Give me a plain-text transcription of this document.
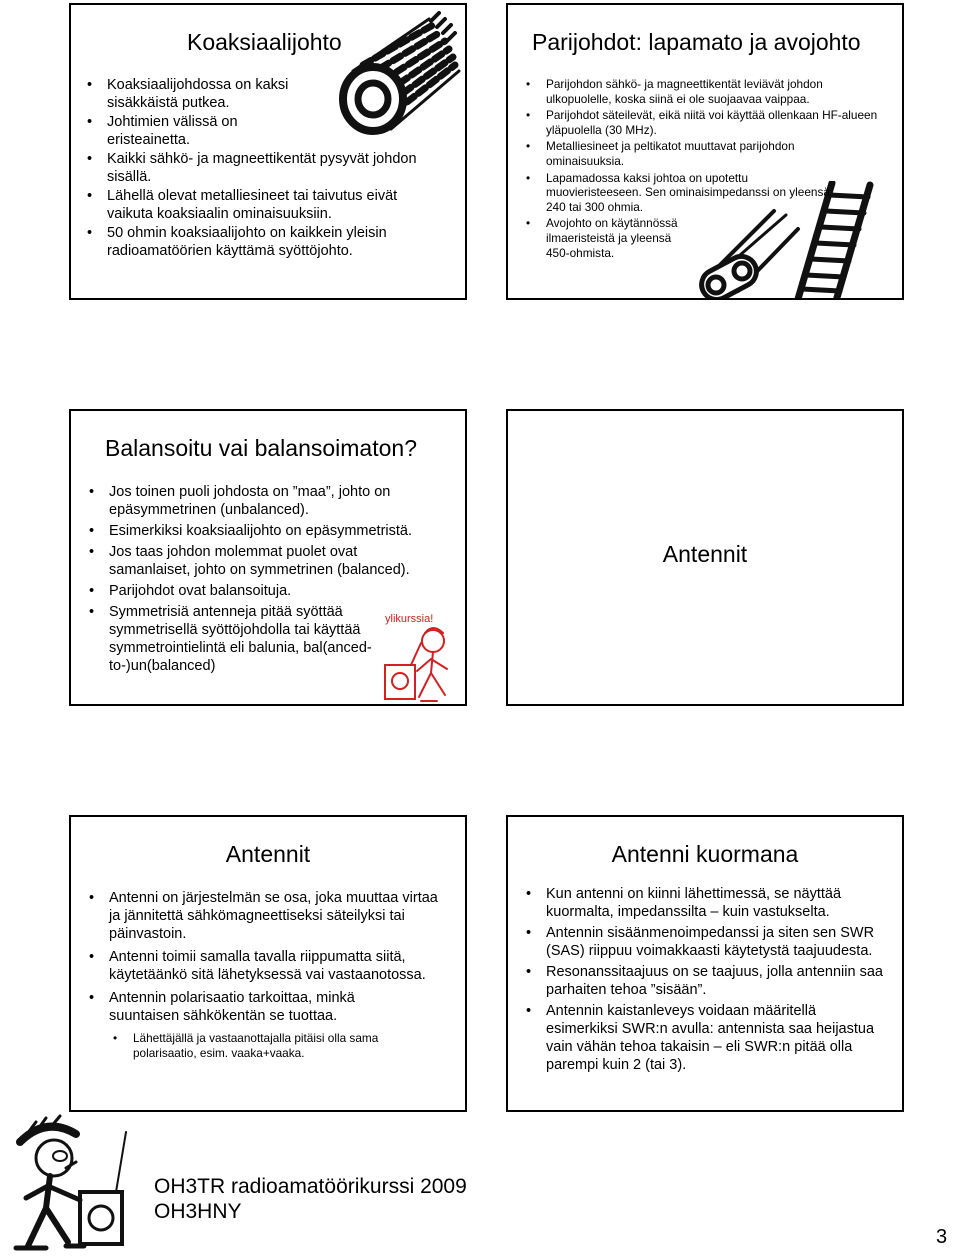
Koaksiaalijohto
• Koaksiaalijohdossa on kaksi sisäkkäistä putkea.
• Johtimien välissä on eristeainetta.
• Kaikki sähkö- ja magneettikentät pysyvät johdon sisällä.
• Lähellä olevat metalliesineet tai taivutus eivät vaikuta koaksiaalin ominaisuuksiin.
• 50 ohmin koaksiaalijohto on kaikkein yleisin radioamatöörien käyttämä syöttöjohto.
Parijohdot: lapamato ja avojohto
• Parijohdon sähkö- ja magneettikentät leviävät johdon ulkopuolelle, koska siinä ei ole suojaavaa vaippaa.
• Parijohdot säteilevät, eikä niitä voi käyttää ollenkaan HF-alueen yläpuolella (30 MHz).
• Metalliesineet ja peltikatot muuttavat parijohdon ominaisuuksia.
• Lapamadossa kaksi johtoa on upotettu muovieristeeseen. Sen ominaisimpedanssi on yleensä 240 tai 300 ohmia.
• Avojohto on käytännössä ilmaeristeistä ja yleensä 450-ohmista.
Balansoitu vai balansoimaton?
• Jos toinen puoli johdosta on ”maa”, johto on epäsymmetrinen (unbalanced).
• Esimerkiksi koaksiaalijohto on epäsymmetristä.
• Jos taas johdon molemmat puolet ovat samanlaiset, johto on symmetrinen (balanced).
• Parijohdot ovat balansoituja.
• Symmetrisiä antenneja pitää syöttää symmetrisellä syöttöjohdolla tai käyttää symmetrointielintä eli balunia, bal(anced-to-)un(balanced)
ylikurssia!
Antennit
Antennit
• Antenni on järjestelmän se osa, joka muuttaa virtaa ja jännitettä sähkömagneettiseksi säteilyksi tai päinvastoin.
• Antenni toimii samalla tavalla riippumatta siitä, käytetäänkö sitä lähetyksessä vai vastaanotossa.
• Antennin polarisaatio tarkoittaa, minkä suuntaisen sähkökentän se tuottaa.
• Lähettäjällä ja vastaanottajalla pitäisi olla sama polarisaatio, esim. vaaka+vaaka.
Antenni kuormana
• Kun antenni on kiinni lähettimessä, se näyttää kuormalta, impedanssilta – kuin vastukselta.
• Antennin sisäänmenoimpedanssi ja siten sen SWR (SAS) riippuu voimakkaasti käytetystä taajuudesta.
• Resonanssitaajuus on se taajuus, jolla antenniin saa parhaiten tehoa ”sisään”.
• Antennin kaistanleveys voidaan määritellä esimerkiksi SWR:n avulla: antennista saa heijastua vain vähän tehoa takaisin – eli SWR:n pitää olla parempi kuin 2 (tai 3).
OH3TR radioamatöörikurssi 2009
OH3HNY
3
